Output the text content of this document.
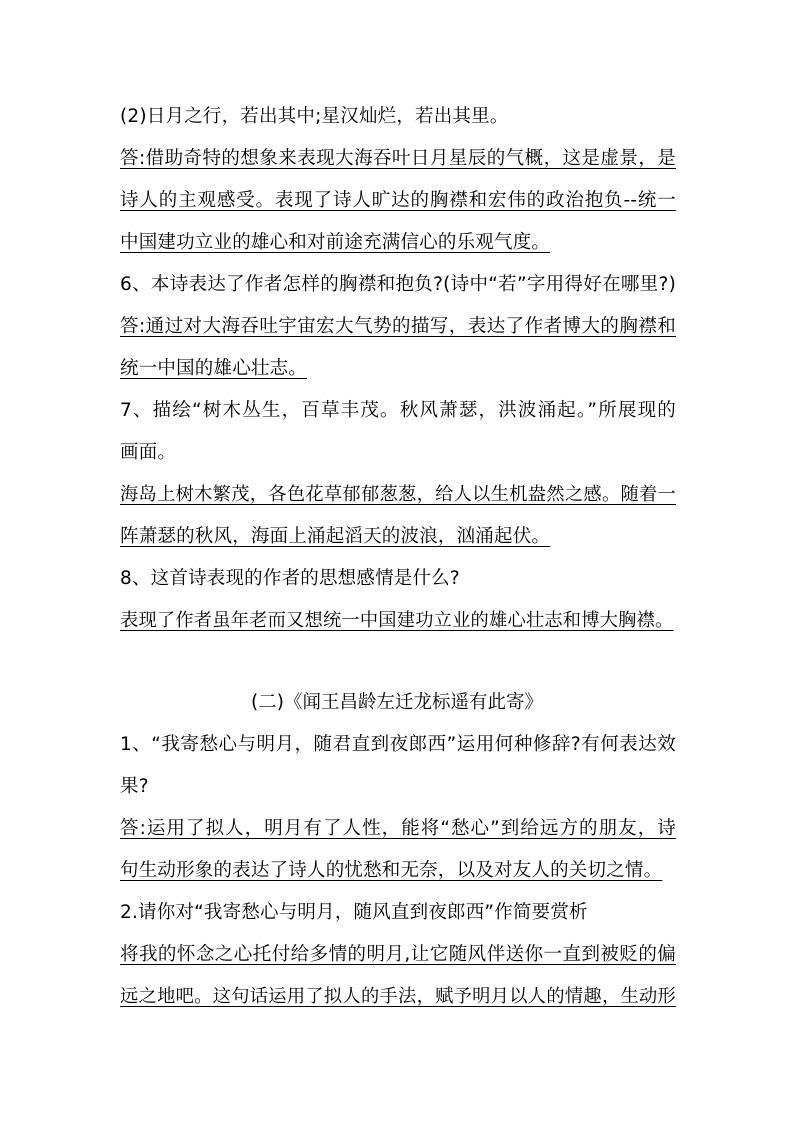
(2)日月之行，若出其中;星汉灿烂，若出其里。
答:借助奇特的想象来表现大海吞叶日月星辰的气概，这是虚景，是
诗人的主观感受。表现了诗人旷达的胸襟和宏伟的政治抱负--统一
中国建功立业的雄心和对前途充满信心的乐观气度。
6、本诗表达了作者怎样的胸襟和抱负?(诗中“若”字用得好在哪里?)
答:通过对大海吞吐宇宙宏大气势的描写，表达了作者博大的胸襟和
统一中国的雄心壮志。
7、描绘“树木丛生，百草丰茂。秋风萧瑟，洪波涌起。”所展现的
画面。
海岛上树木繁茂，各色花草郁郁葱葱，给人以生机盎然之感。随着一
阵萧瑟的秋风，海面上涌起滔天的波浪，汹涌起伏。
8、这首诗表现的作者的思想感情是什么?
表现了作者虽年老而又想统一中国建功立业的雄心壮志和博大胸襟。
(二)《闻王昌龄左迁龙标遥有此寄》
1、“我寄愁心与明月，随君直到夜郎西”运用何种修辞?有何表达效
果?
答:运用了拟人，明月有了人性，能将“愁心”到给远方的朋友，诗
句生动形象的表达了诗人的忧愁和无奈，以及对友人的关切之情。
2.请你对“我寄愁心与明月，随风直到夜郎西”作简要赏析
将我的怀念之心托付给多情的明月,让它随风伴送你一直到被贬的偏
远之地吧。这句话运用了拟人的手法，赋予明月以人的情趣，生动形
